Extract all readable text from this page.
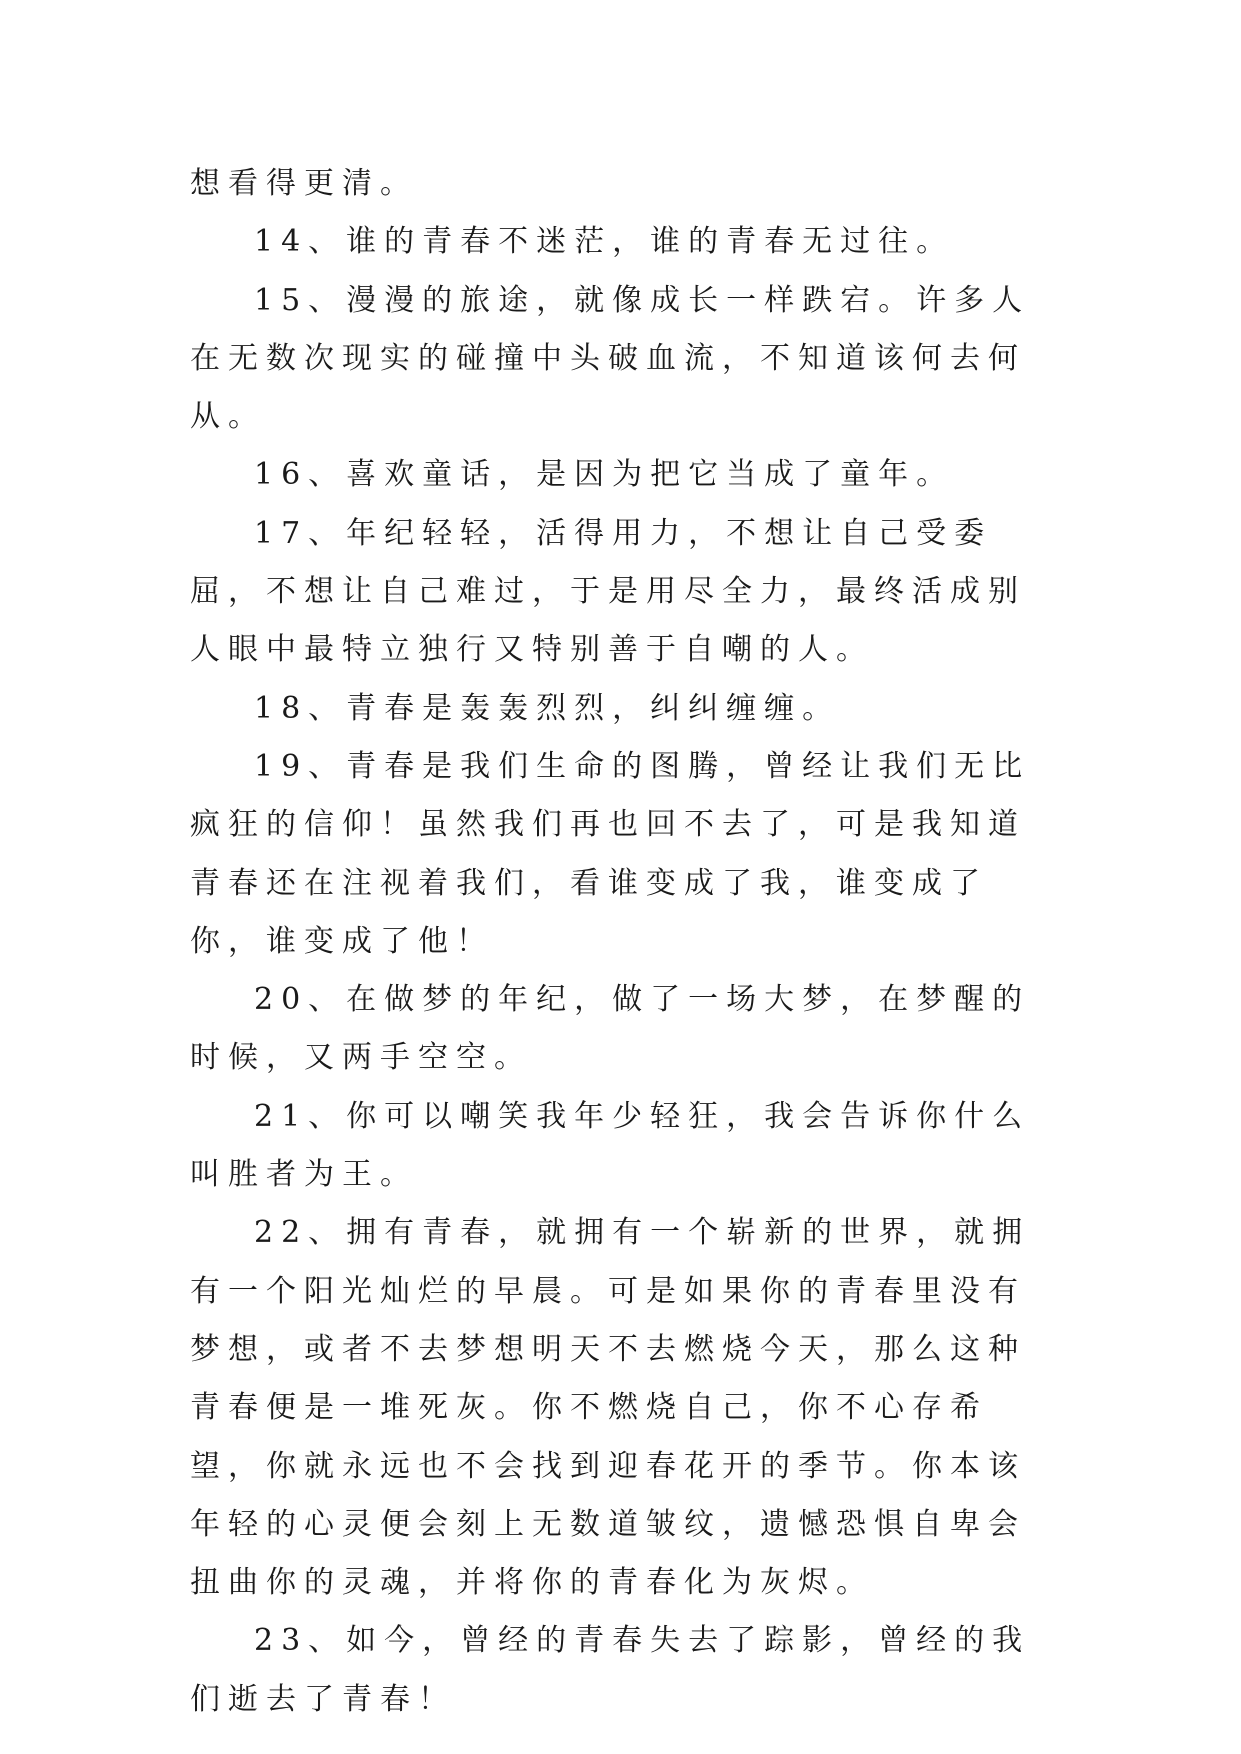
想看得更清。

14、谁的青春不迷茫，谁的青春无过往。

15、漫漫的旅途，就像成长一样跌宕。许多人在无数次现实的碰撞中头破血流，不知道该何去何从。

16、喜欢童话，是因为把它当成了童年。

17、年纪轻轻，活得用力，不想让自己受委屈，不想让自己难过，于是用尽全力，最终活成别人眼中最特立独行又特别善于自嘲的人。

18、青春是轰轰烈烈，纠纠缠缠。

19、青春是我们生命的图腾，曾经让我们无比疯狂的信仰！虽然我们再也回不去了，可是我知道青春还在注视着我们，看谁变成了我，谁变成了你，谁变成了他！

20、在做梦的年纪，做了一场大梦，在梦醒的时候，又两手空空。

21、你可以嘲笑我年少轻狂，我会告诉你什么叫胜者为王。

22、拥有青春，就拥有一个崭新的世界，就拥有一个阳光灿烂的早晨。可是如果你的青春里没有梦想，或者不去梦想明天不去燃烧今天，那么这种青春便是一堆死灰。你不燃烧自己，你不心存希望，你就永远也不会找到迎春花开的季节。你本该年轻的心灵便会刻上无数道皱纹，遗憾恐惧自卑会扭曲你的灵魂，并将你的青春化为灰烬。

23、如今，曾经的青春失去了踪影，曾经的我们逝去了青春！
